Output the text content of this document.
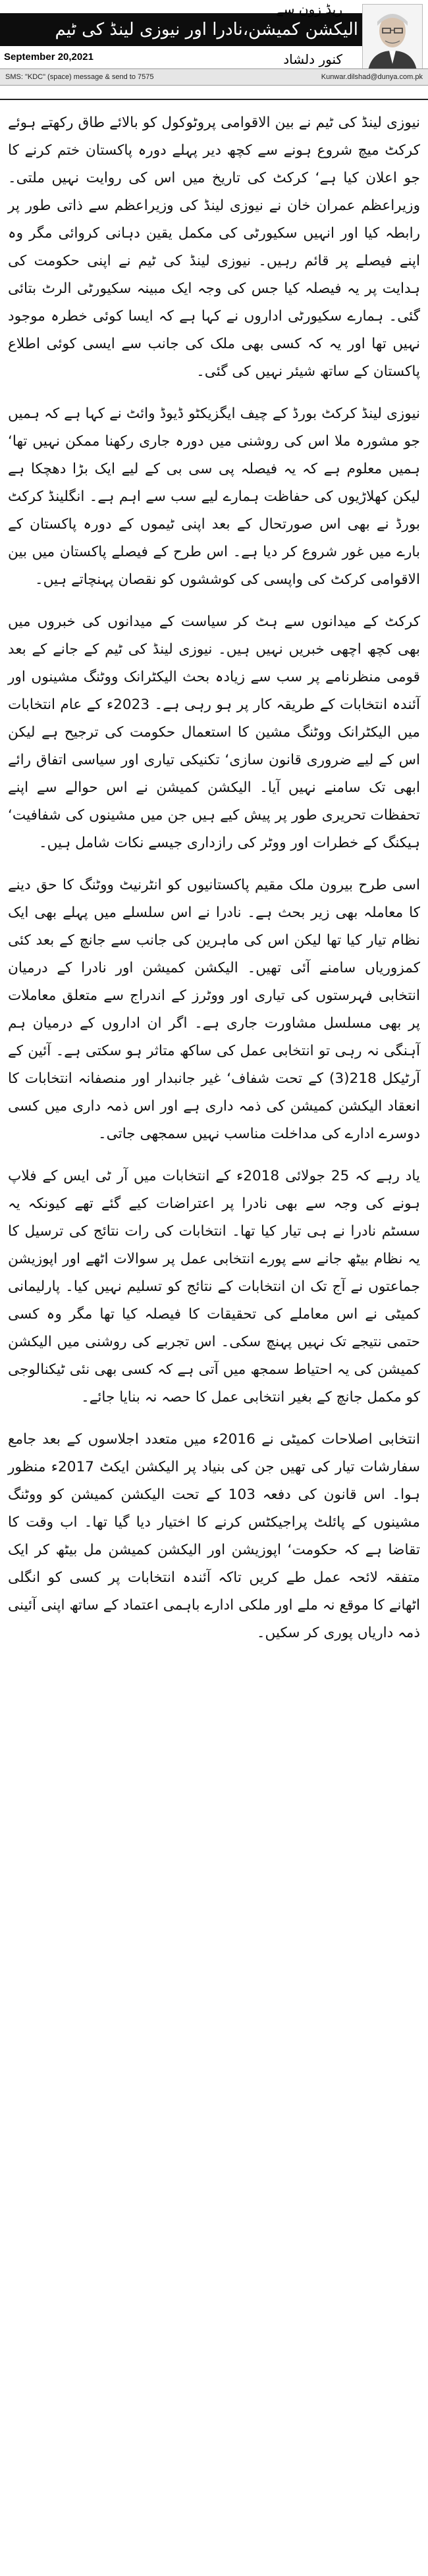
الیکشن کمیشن،نادرا اور نیوزی لینڈ کی ٹیم
ریڈ زون سے
کنور دلشاد
September 20,2021
SMS: "KDC" (space) message & send to 7575	Kunwar.dilshad@dunya.com.pk

نیوزی لینڈ کی ٹیم نے بین الاقوامی پروٹوکول کو بالائے طاق رکھتے ہوئے کرکٹ میچ شروع ہونے سے کچھ دیر پہلے دورہ پاکستان ختم کرنے کا جو اعلان کیا ہے‘ کرکٹ کی تاریخ میں اس کی روایت نہیں ملتی۔ وزیراعظم عمران خان نے نیوزی لینڈ کی وزیراعظم سے ذاتی طور پر رابطہ کیا اور انہیں سکیورٹی کی مکمل یقین دہانی کروائی مگر وہ اپنے فیصلے پر قائم رہیں۔ نیوزی لینڈ کی ٹیم نے اپنی حکومت کی ہدایت پر یہ فیصلہ کیا جس کی وجہ ایک مبینہ سکیورٹی الرٹ بتائی گئی۔ ہمارے سکیورٹی اداروں نے کہا ہے کہ ایسا کوئی خطرہ موجود نہیں تھا اور یہ کہ کسی بھی ملک کی جانب سے ایسی کوئی اطلاع پاکستان کے ساتھ شیئر نہیں کی گئی۔

نیوزی لینڈ کرکٹ بورڈ کے چیف ایگزیکٹو ڈیوڈ وائٹ نے کہا ہے کہ ہمیں جو مشورہ ملا اس کی روشنی میں دورہ جاری رکھنا ممکن نہیں تھا‘ ہمیں معلوم ہے کہ یہ فیصلہ پی سی بی کے لیے ایک بڑا دھچکا ہے لیکن کھلاڑیوں کی حفاظت ہمارے لیے سب سے اہم ہے۔ انگلینڈ کرکٹ بورڈ نے بھی اس صورتحال کے بعد اپنی ٹیموں کے دورہ پاکستان کے بارے میں غور شروع کر دیا ہے۔ اس طرح کے فیصلے پاکستان میں بین الاقوامی کرکٹ کی واپسی کی کوششوں کو نقصان پہنچاتے ہیں۔

کرکٹ کے میدانوں سے ہٹ کر سیاست کے میدانوں کی خبروں میں بھی کچھ اچھی خبریں نہیں ہیں۔ نیوزی لینڈ کی ٹیم کے جانے کے بعد قومی منظرنامے پر سب سے زیادہ بحث الیکٹرانک ووٹنگ مشینوں اور آئندہ انتخابات کے طریقہ کار پر ہو رہی ہے۔ 2023ء کے عام انتخابات میں الیکٹرانک ووٹنگ مشین کا استعمال حکومت کی ترجیح ہے لیکن اس کے لیے ضروری قانون سازی‘ تکنیکی تیاری اور سیاسی اتفاق رائے ابھی تک سامنے نہیں آیا۔ الیکشن کمیشن نے اس حوالے سے اپنے تحفظات تحریری طور پر پیش کیے ہیں جن میں مشینوں کی شفافیت‘ ہیکنگ کے خطرات اور ووٹر کی رازداری جیسے نکات شامل ہیں۔

اسی طرح بیرون ملک مقیم پاکستانیوں کو انٹرنیٹ ووٹنگ کا حق دینے کا معاملہ بھی زیر بحث ہے۔ نادرا نے اس سلسلے میں پہلے بھی ایک نظام تیار کیا تھا لیکن اس کی ماہرین کی جانب سے جانچ کے بعد کئی کمزوریاں سامنے آئی تھیں۔ الیکشن کمیشن اور نادرا کے درمیان انتخابی فہرستوں کی تیاری اور ووٹرز کے اندراج سے متعلق معاملات پر بھی مسلسل مشاورت جاری ہے۔ اگر ان اداروں کے درمیان ہم آہنگی نہ رہی تو انتخابی عمل کی ساکھ متاثر ہو سکتی ہے۔ آئین کے آرٹیکل 218(3) کے تحت شفاف‘ غیر جانبدار اور منصفانہ انتخابات کا انعقاد الیکشن کمیشن کی ذمہ داری ہے اور اس ذمہ داری میں کسی دوسرے ادارے کی مداخلت مناسب نہیں سمجھی جاتی۔

یاد رہے کہ 25 جولائی 2018ء کے انتخابات میں آر ٹی ایس کے فلاپ ہونے کی وجہ سے بھی نادرا پر اعتراضات کیے گئے تھے کیونکہ یہ سسٹم نادرا نے ہی تیار کیا تھا۔ انتخابات کی رات نتائج کی ترسیل کا یہ نظام بیٹھ جانے سے پورے انتخابی عمل پر سوالات اٹھے اور اپوزیشن جماعتوں نے آج تک ان انتخابات کے نتائج کو تسلیم نہیں کیا۔ پارلیمانی کمیٹی نے اس معاملے کی تحقیقات کا فیصلہ کیا تھا مگر وہ کسی حتمی نتیجے تک نہیں پہنچ سکی۔ اس تجربے کی روشنی میں الیکشن کمیشن کی یہ احتیاط سمجھ میں آتی ہے کہ کسی بھی نئی ٹیکنالوجی کو مکمل جانچ کے بغیر انتخابی عمل کا حصہ نہ بنایا جائے۔

انتخابی اصلاحات کمیٹی نے 2016ء میں متعدد اجلاسوں کے بعد جامع سفارشات تیار کی تھیں جن کی بنیاد پر الیکشن ایکٹ 2017ء منظور ہوا۔ اس قانون کی دفعہ 103 کے تحت الیکشن کمیشن کو ووٹنگ مشینوں کے پائلٹ پراجیکٹس کرنے کا اختیار دیا گیا تھا۔ اب وقت کا تقاضا ہے کہ حکومت‘ اپوزیشن اور الیکشن کمیشن مل بیٹھ کر ایک متفقہ لائحہ عمل طے کریں تاکہ آئندہ انتخابات پر کسی کو انگلی اٹھانے کا موقع نہ ملے اور ملکی ادارے باہمی اعتماد کے ساتھ اپنی آئینی ذمہ داریاں پوری کر سکیں۔
